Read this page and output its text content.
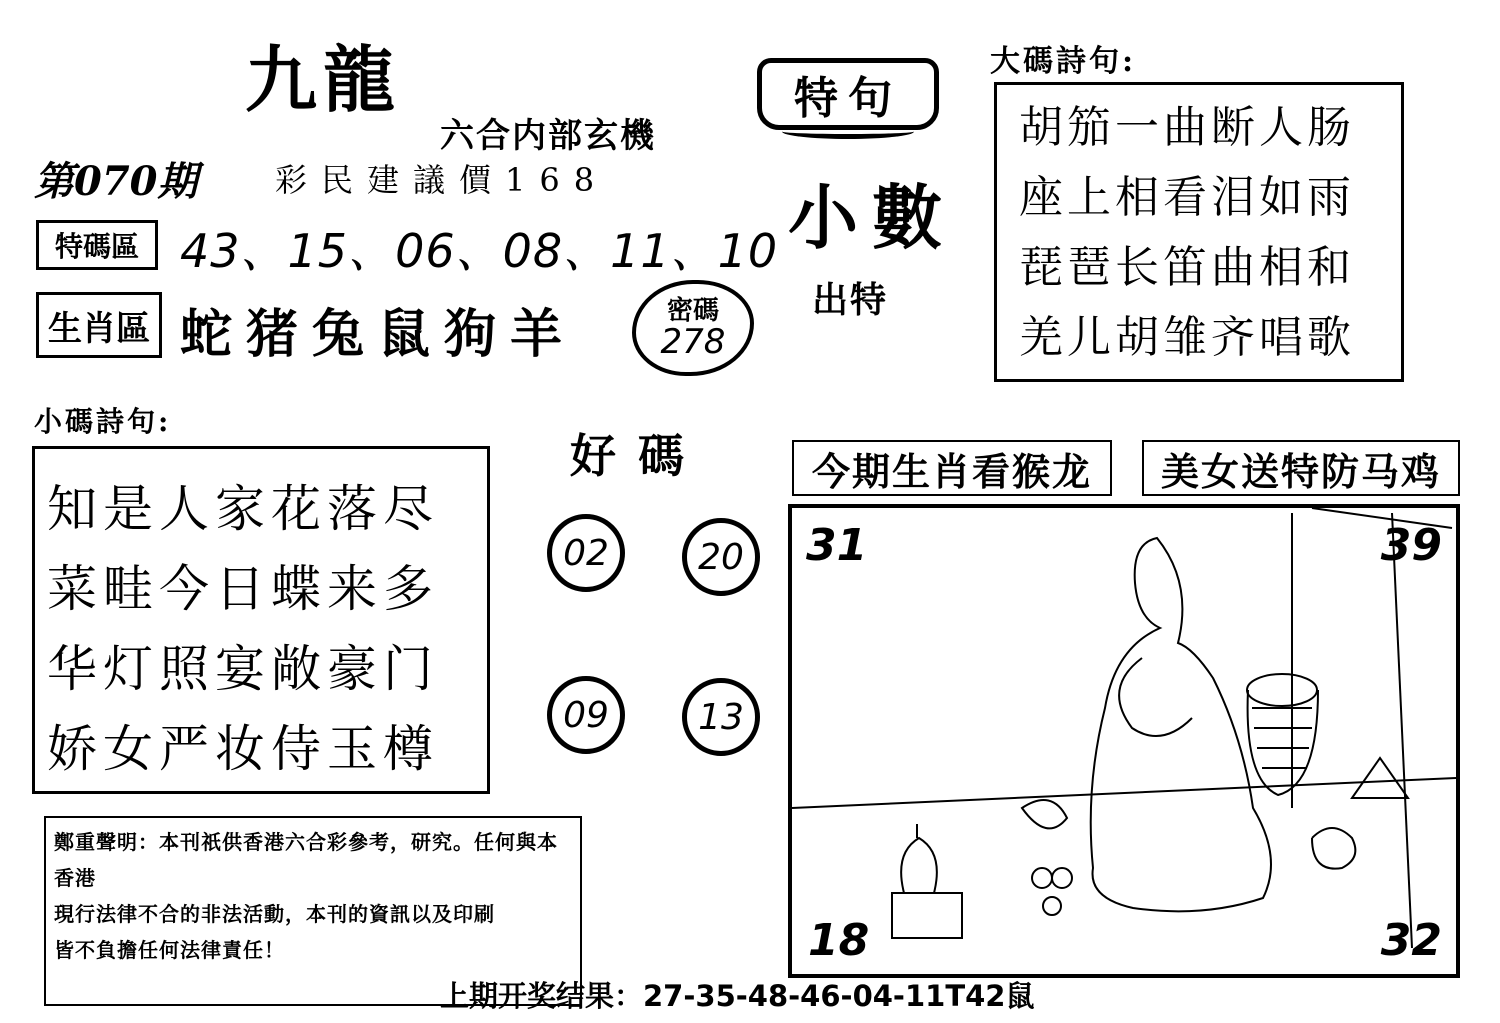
九龍
六合内部玄機
第070期 彩民建議價168
特碼區 43、15、06、08、11、10
生肖區 蛇猪兔鼠狗羊	密碼
278
特句
小數
出特
大碼詩句:
胡笳一曲断人肠
座上相看泪如雨
琵琶长笛曲相和
羌儿胡雏齐唱歌
小碼詩句:
知是人家花落尽
菜畦今日蝶来多
华灯照宴敞豪门
娇女严妆侍玉樽
好碼
02	20
09	13
今期生肖看猴龙	美女送特防马鸡
31	39
18	32
鄭重聲明：本刊祇供香港六合彩參考，研究。任何與本香港
現行法律不合的非法活動，本刊的資訊以及印刷
皆不負擔任何法律責任！
上期开奖结果：27-35-48-46-04-11T42鼠
